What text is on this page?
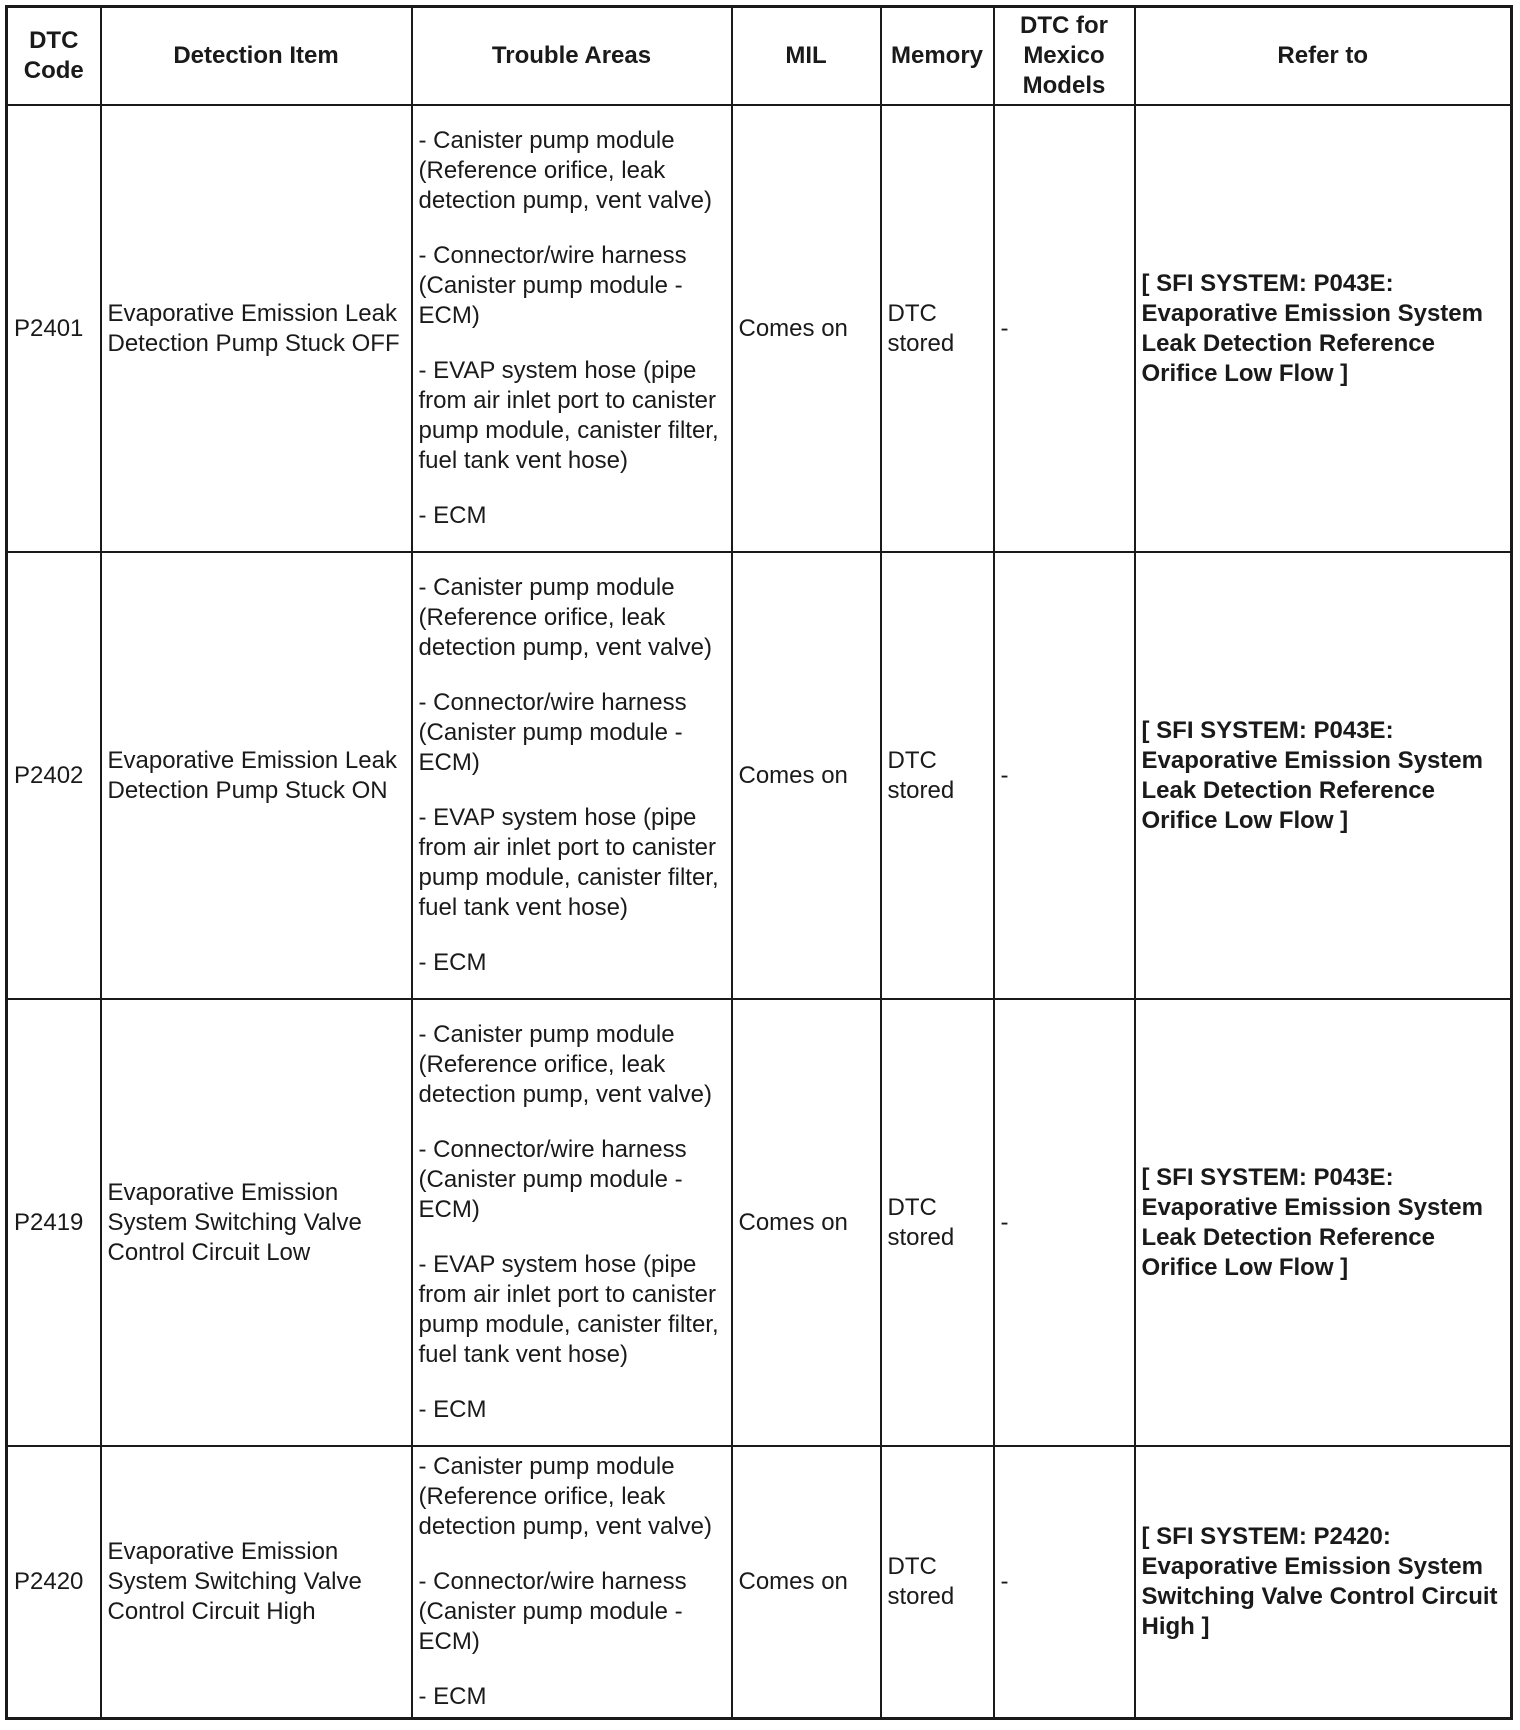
DTC Code	Detection Item	Trouble Areas	MIL	Memory	DTC for Mexico Models	Refer to
P2401	Evaporative Emission Leak Detection Pump Stuck OFF	- Canister pump module (Reference orifice, leak detection pump, vent valve)

- Connector/wire harness (Canister pump module - ECM)

- EVAP system hose (pipe from air inlet port to canister pump module, canister filter, fuel tank vent hose)

- ECM	Comes on	DTC stored	-	[ SFI SYSTEM: P043E: Evaporative Emission System Leak Detection Reference Orifice Low Flow ]
P2402	Evaporative Emission Leak Detection Pump Stuck ON	- Canister pump module (Reference orifice, leak detection pump, vent valve)

- Connector/wire harness (Canister pump module - ECM)

- EVAP system hose (pipe from air inlet port to canister pump module, canister filter, fuel tank vent hose)

- ECM	Comes on	DTC stored	-	[ SFI SYSTEM: P043E: Evaporative Emission System Leak Detection Reference Orifice Low Flow ]
P2419	Evaporative Emission System Switching Valve Control Circuit Low	- Canister pump module (Reference orifice, leak detection pump, vent valve)

- Connector/wire harness (Canister pump module - ECM)

- EVAP system hose (pipe from air inlet port to canister pump module, canister filter, fuel tank vent hose)

- ECM	Comes on	DTC stored	-	[ SFI SYSTEM: P043E: Evaporative Emission System Leak Detection Reference Orifice Low Flow ]
P2420	Evaporative Emission System Switching Valve Control Circuit High	- Canister pump module (Reference orifice, leak detection pump, vent valve)

- Connector/wire harness (Canister pump module - ECM)

- ECM	Comes on	DTC stored	-	[ SFI SYSTEM: P2420: Evaporative Emission System Switching Valve Control Circuit High ]
